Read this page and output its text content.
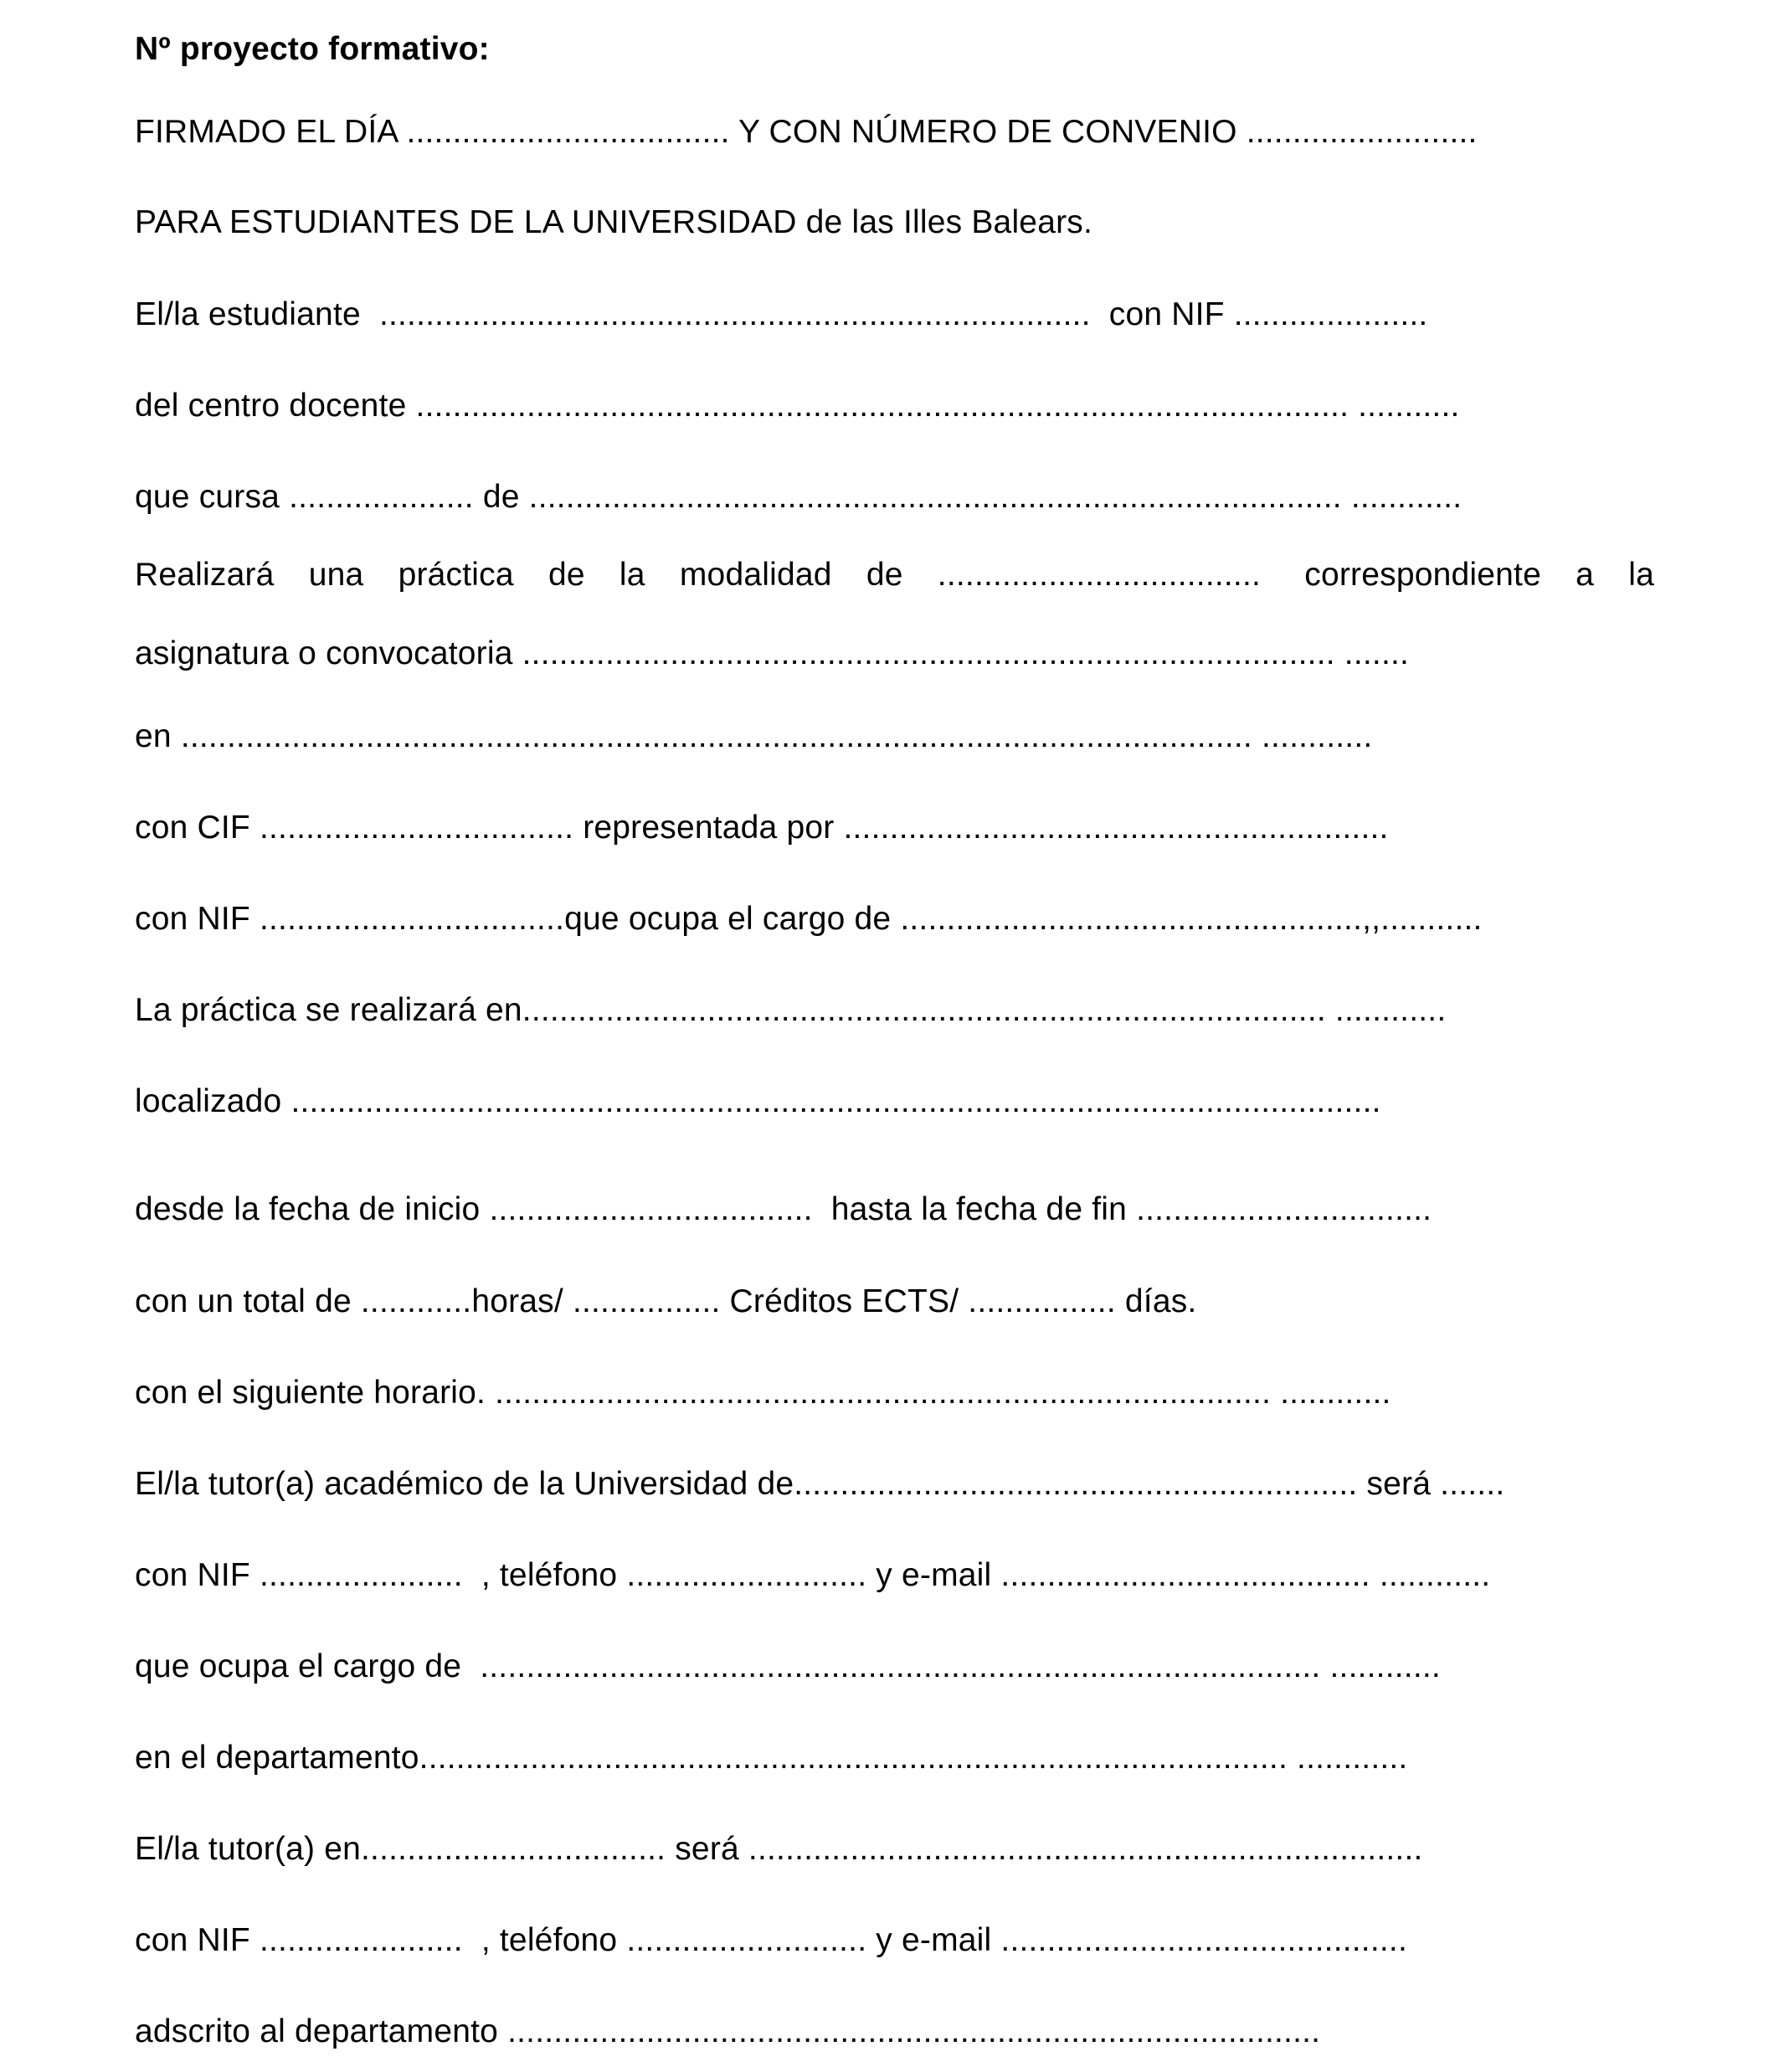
Nº proyecto formativo:
FIRMADO EL DÍA ................................... Y CON NÚMERO DE CONVENIO .........................
PARA ESTUDIANTES DE LA UNIVERSIDAD de las Illes Balears.
El/la estudiante  .............................................................................  con NIF .....................
del centro docente ..................................................................................................... ...........
que cursa .................... de ........................................................................................ ............
Realizará una práctica de la modalidad de ................................... correspondiente a la
asignatura o convocatoria ........................................................................................ .......
en .................................................................................................................... ............
con CIF .................................. representada por ...........................................................
con NIF .................................que ocupa el cargo de ..................................................,,...........
La práctica se realizará en....................................................................................... ............
localizado ......................................................................................................................
desde la fecha de inicio ...................................  hasta la fecha de fin ................................
con un total de ............horas/ ................ Créditos ECTS/ ................ días.
con el siguiente horario. .................................................................................... ............
El/la tutor(a) académico de la Universidad de............................................................. será .......
con NIF ......................  , teléfono .......................... y e-mail ........................................ ............
que ocupa el cargo de  ........................................................................................... ............
en el departamento.............................................................................................. ............
El/la tutor(a) en................................. será .........................................................................
con NIF ......................  , teléfono .......................... y e-mail ............................................
adscrito al departamento ........................................................................................
